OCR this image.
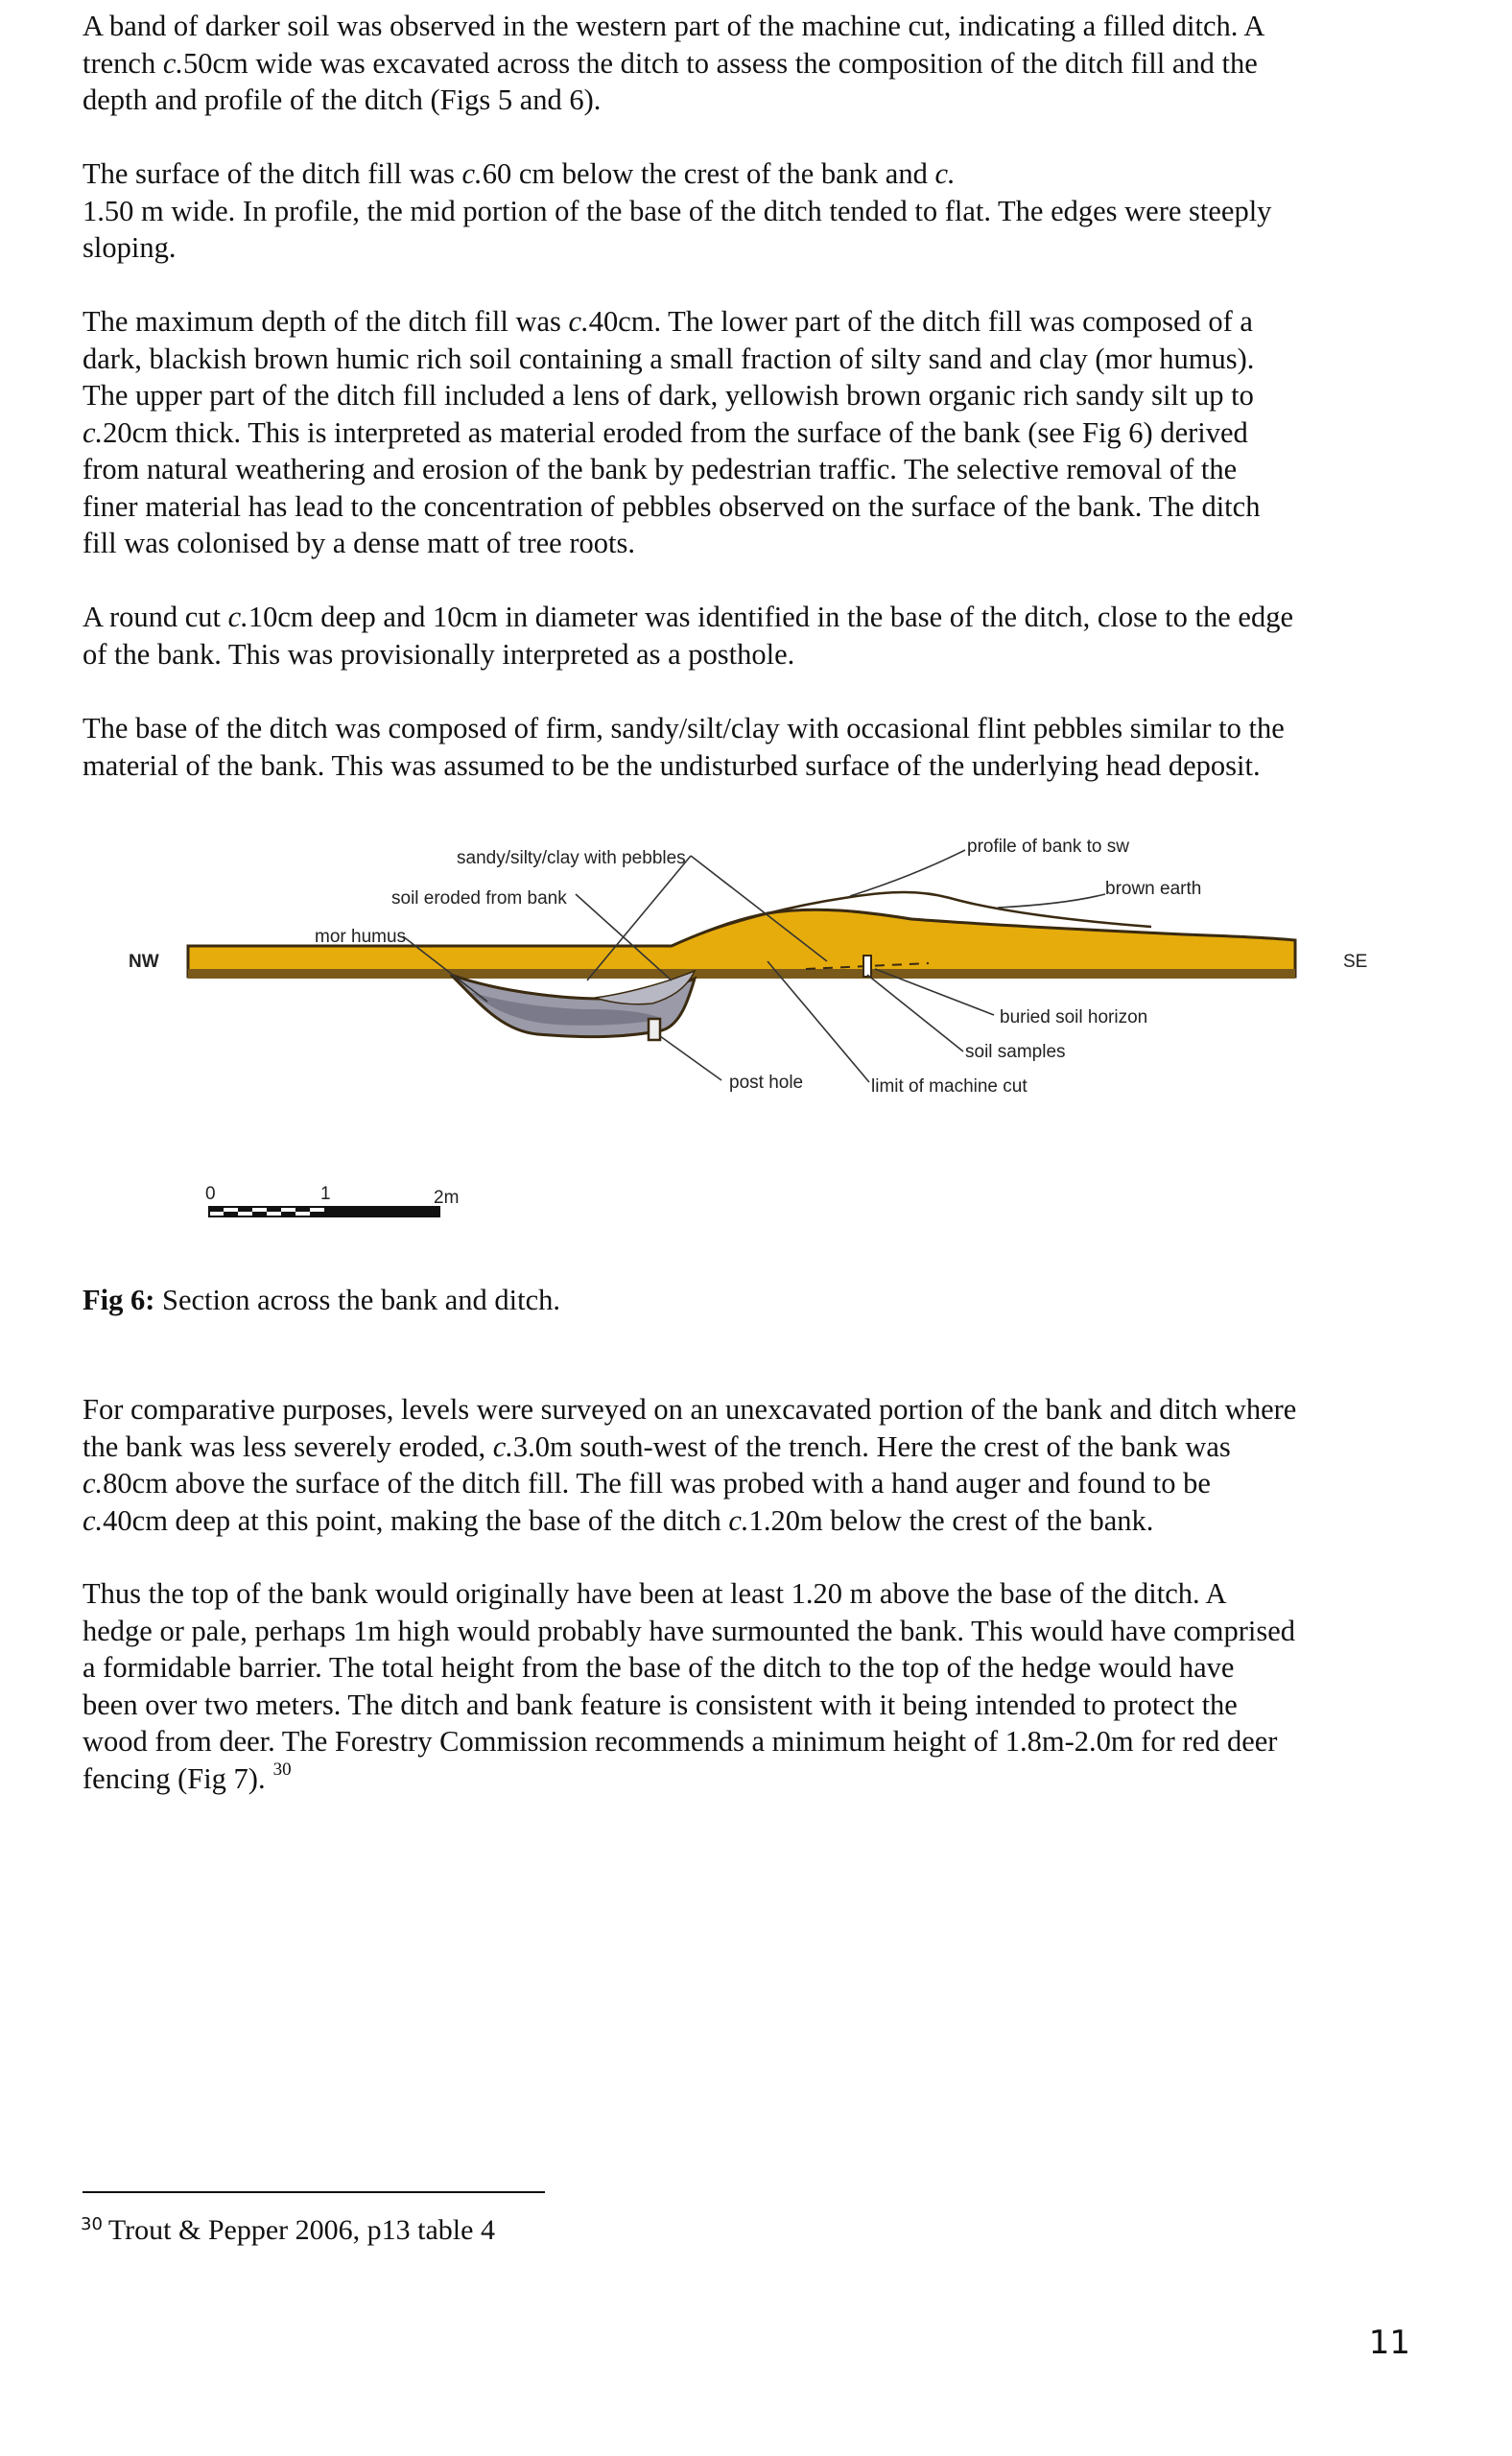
A band of darker soil was observed in the western part of the machine cut, indicating a filled ditch. A
trench c.50cm wide was excavated across the ditch to assess the composition of the ditch fill and the
depth and profile of the ditch (Figs 5 and 6).

The surface of the ditch fill was c.60 cm below the crest of the bank and c.
1.50 m wide. In profile, the mid portion of the base of the ditch tended to flat. The edges were steeply
sloping.

The maximum depth of the ditch fill was c.40cm. The lower part of the ditch fill was composed of a
dark, blackish brown humic rich soil containing a small fraction of silty sand and clay (mor humus).
The upper part of the ditch fill included a lens of dark, yellowish brown organic rich sandy silt up to
c.20cm thick. This is interpreted as material eroded from the surface of the bank (see Fig 6) derived
from natural weathering and erosion of the bank by pedestrian traffic. The selective removal of the
finer material has lead to the concentration of pebbles observed on the surface of the bank. The ditch
fill was colonised by a dense matt of tree roots.

A round cut c.10cm deep and 10cm in diameter was identified in the base of the ditch, close to the edge
of the bank. This was provisionally interpreted as a posthole.

The base of the ditch was composed of firm, sandy/silt/clay with occasional flint pebbles similar to the
material of the bank. This was assumed to be the undisturbed surface of the underlying head deposit.

sandy/silty/clay with pebbles
soil eroded from bank
mor humus
profile of bank to sw
brown earth
NW	SE
buried soil horizon
soil samples
post hole	limit of machine cut
0	1	2m
Fig 6: Section across the bank and ditch.

For comparative purposes, levels were surveyed on an unexcavated portion of the bank and ditch where
the bank was less severely eroded, c.3.0m south-west of the trench. Here the crest of the bank was
c.80cm above the surface of the ditch fill. The fill was probed with a hand auger and found to be
c.40cm deep at this point, making the base of the ditch c.1.20m below the crest of the bank.

Thus the top of the bank would originally have been at least 1.20 m above the base of the ditch. A
hedge or pale, perhaps 1m high would probably have surmounted the bank. This would have comprised
a formidable barrier. The total height from the base of the ditch to the top of the hedge would have
been over two meters. The ditch and bank feature is consistent with it being intended to protect the
wood from deer. The Forestry Commission recommends a minimum height of 1.8m-2.0m for red deer
fencing (Fig 7). $^{30}$

$^{30}$ Trout & Pepper 2006, p13 table 4
11
